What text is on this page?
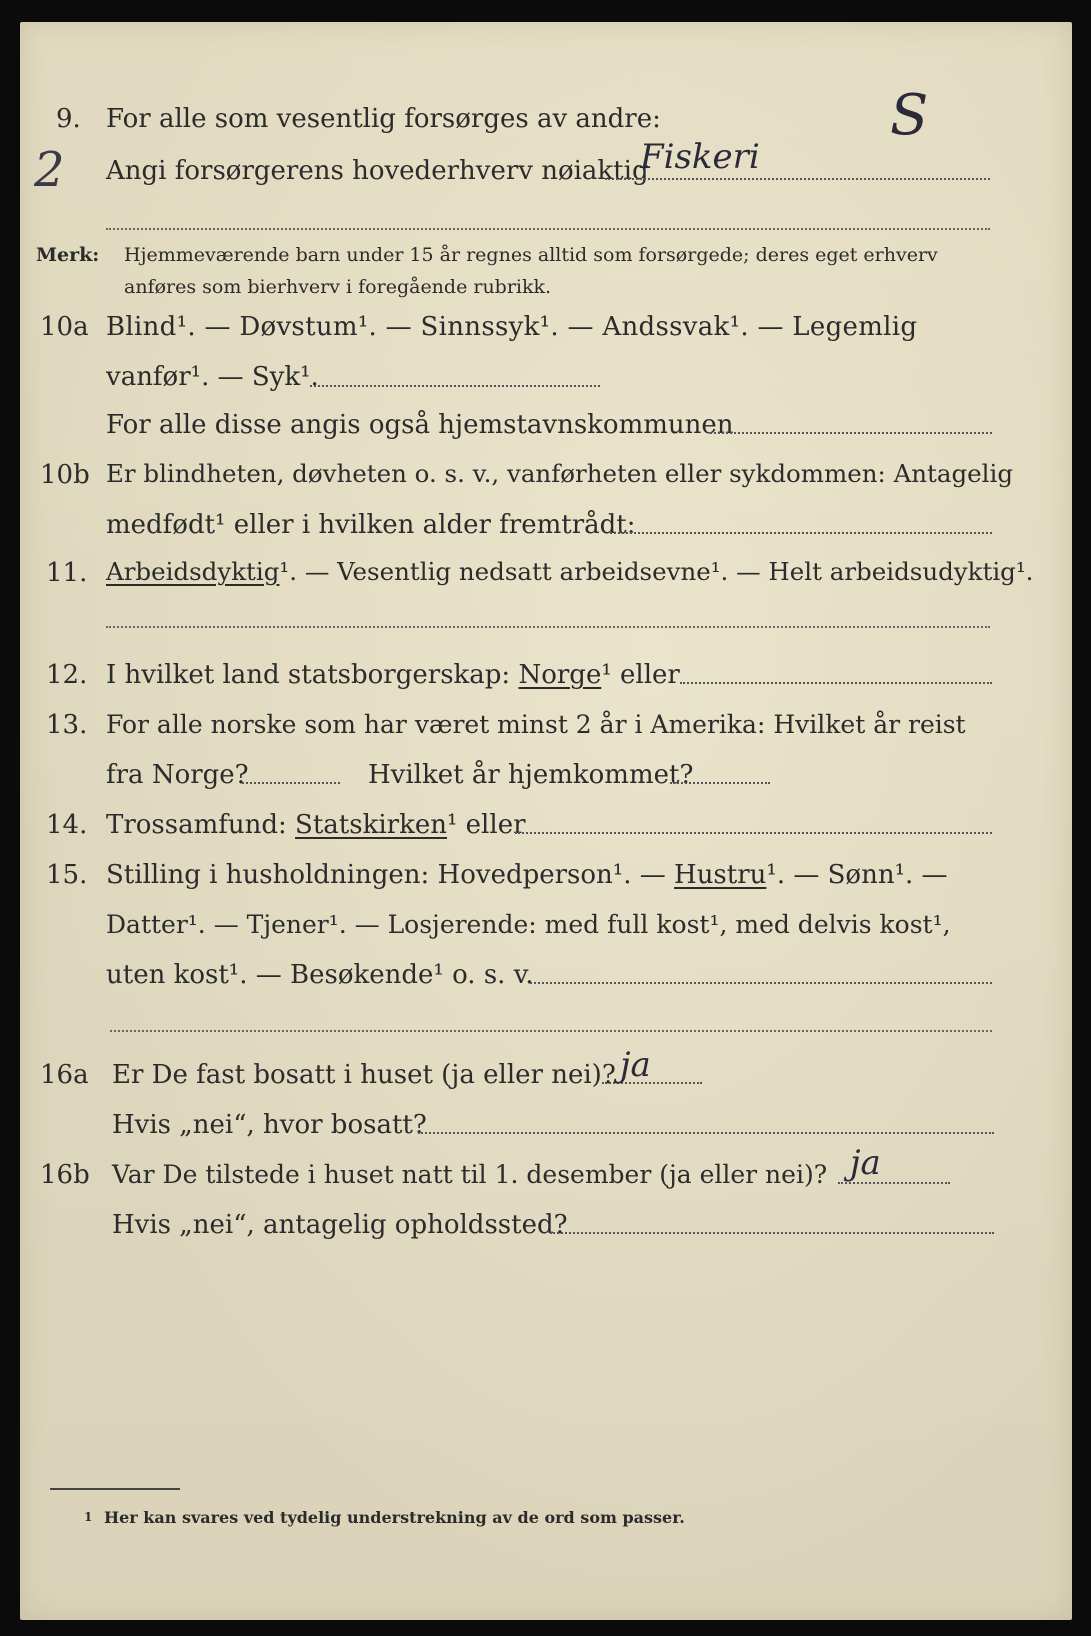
9. For alle som vesentlig forsørges av andre:
2 Angi forsørgerens hovederhverv nøiaktig
Fiskeri
S
Merk: Hjemmeværende barn under 15 år regnes alltid som forsørgede; deres eget erhverv
anføres som bierhverv i foregående rubrikk.
10a Blind¹. — Døvstum¹. — Sinnssyk¹. — Andssvak¹. — Legemlig
vanfør¹. — Syk¹.
For alle disse angis også hjemstavnskommunen
10b Er blindheten, døvheten o. s. v., vanførheten eller sykdommen: Antagelig
medfødt¹ eller i hvilken alder fremtrådt:
11. Arbeidsdyktig¹. — Vesentlig nedsatt arbeidsevne¹. — Helt arbeidsudyktig¹.
12. I hvilket land statsborgerskap: Norge¹ eller
13. For alle norske som har været minst 2 år i Amerika: Hvilket år reist
fra Norge?	Hvilket år hjemkommet?
14. Trossamfund: Statskirken¹ eller
15. Stilling i husholdningen: Hovedperson¹. — Hustru¹. — Sønn¹. —
Datter¹. — Tjener¹. — Losjerende: med full kost¹, med delvis kost¹,
uten kost¹. — Besøkende¹ o. s. v.
16a Er De fast bosatt i huset (ja eller nei)? ja
Hvis „nei“, hvor bosatt?
16b Var De tilstede i huset natt til 1. desember (ja eller nei)? ja
Hvis „nei“, antagelig opholdssted?
1 Her kan svares ved tydelig understrekning av de ord som passer.
